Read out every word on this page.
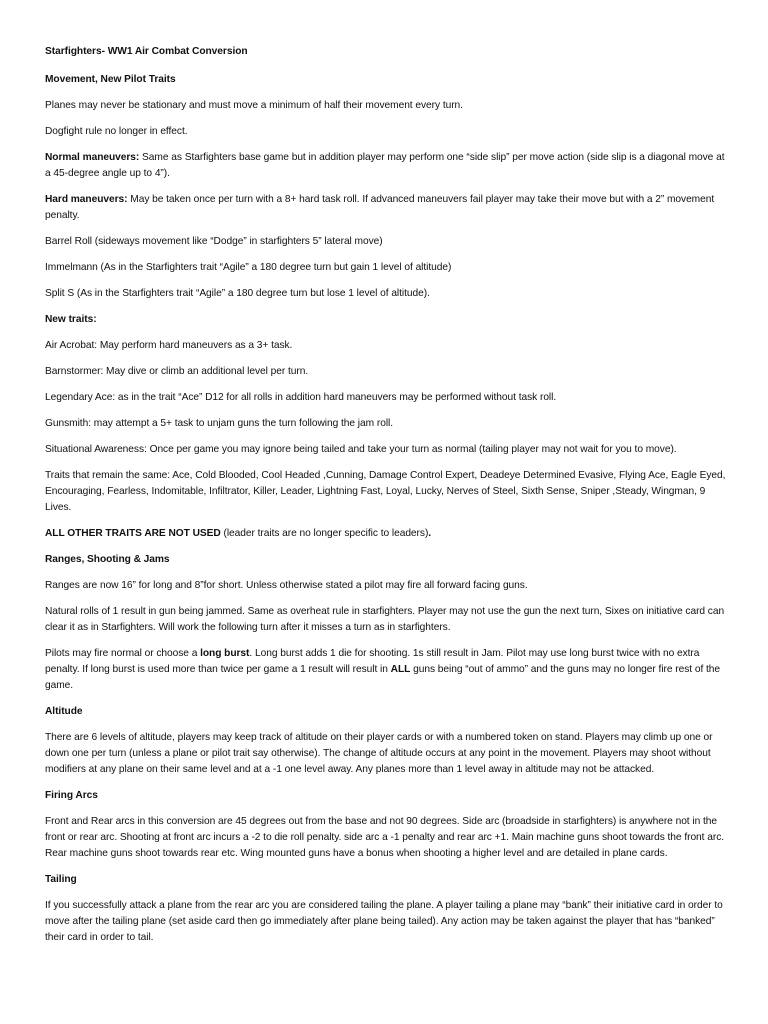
Starfighters- WW1 Air Combat Conversion

Movement, New Pilot Traits

Planes may never be stationary and must move a minimum of half their movement every turn.

Dogfight rule no longer in effect.

Normal maneuvers: Same as Starfighters base game but in addition player may perform one “side slip” per move action (side slip is a diagonal move at a 45-degree angle up to 4”).

Hard maneuvers: May be taken once per turn with a 8+ hard task roll. If advanced maneuvers fail player may take their move but with a 2” movement penalty.

Barrel Roll (sideways movement like “Dodge” in starfighters 5” lateral move)

Immelmann (As in the Starfighters trait “Agile” a 180 degree turn but gain 1 level of altitude)

Split S (As in the Starfighters trait “Agile” a 180 degree turn but lose 1 level of altitude).

New traits:

Air Acrobat: May perform hard maneuvers as a 3+ task.

Barnstormer: May dive or climb an additional level per turn.

Legendary Ace: as in the trait “Ace” D12 for all rolls in addition hard maneuvers may be performed without task roll.

Gunsmith: may attempt a 5+ task to unjam guns the turn following the jam roll.

Situational Awareness: Once per game you may ignore being tailed and take your turn as normal (tailing player may not wait for you to move).

Traits that remain the same: Ace, Cold Blooded, Cool Headed ,Cunning, Damage Control Expert, Deadeye Determined Evasive, Flying Ace, Eagle Eyed, Encouraging, Fearless, Indomitable, Infiltrator, Killer, Leader, Lightning Fast, Loyal, Lucky, Nerves of Steel, Sixth Sense, Sniper ,Steady, Wingman, 9 Lives.

ALL OTHER TRAITS ARE NOT USED (leader traits are no longer specific to leaders).

Ranges, Shooting & Jams

Ranges are now 16” for long and 8”for short. Unless otherwise stated a pilot may fire all forward facing guns.

Natural rolls of 1 result in gun being jammed. Same as overheat rule in starfighters. Player may not use the gun the next turn, Sixes on initiative card can clear it as in Starfighters. Will work the following turn after it misses a turn as in starfighters.

Pilots may fire normal or choose a long burst. Long burst adds 1 die for shooting. 1s still result in Jam. Pilot may use long burst twice with no extra penalty. If long burst is used more than twice per game a 1 result will result in ALL guns being “out of ammo” and the guns may no longer fire rest of the game.

Altitude

There are 6 levels of altitude, players may keep track of altitude on their player cards or with a numbered token on stand. Players may climb up one or down one per turn (unless a plane or pilot trait say otherwise). The change of altitude occurs at any point in the movement. Players may shoot without modifiers at any plane on their same level and at a -1 one level away. Any planes more than 1 level away in altitude may not be attacked.

Firing Arcs

Front and Rear arcs in this conversion are 45 degrees out from the base and not 90 degrees. Side arc (broadside in starfighters) is anywhere not in the front or rear arc. Shooting at front arc incurs a -2 to die roll penalty. side arc a -1 penalty and rear arc +1. Main machine guns shoot towards the front arc. Rear machine guns shoot towards rear etc. Wing mounted guns have a bonus when shooting a higher level and are detailed in plane cards.

Tailing

If you successfully attack a plane from the rear arc you are considered tailing the plane. A player tailing a plane may “bank” their initiative card in order to move after the tailing plane (set aside card then go immediately after plane being tailed). Any action may be taken against the player that has “banked” their card in order to tail.
